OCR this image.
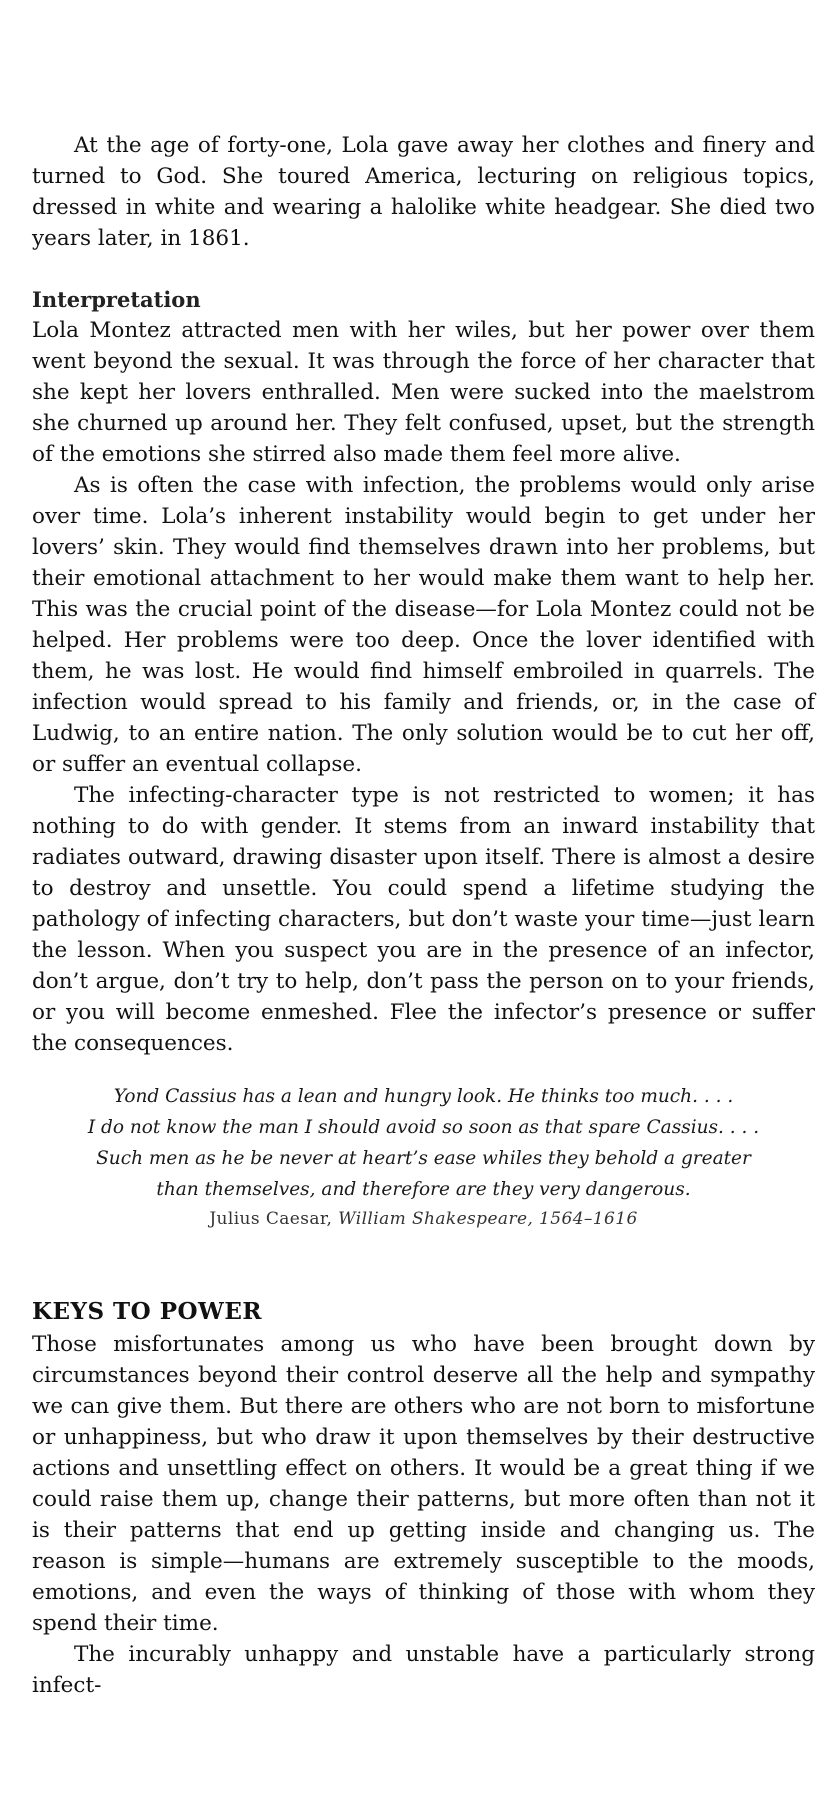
At the age of forty-one, Lola gave away her clothes and finery and turned to God. She toured America, lecturing on religious topics, dressed in white and wearing a halolike white headgear. She died two years later, in 1861.

Interpretation

Lola Montez attracted men with her wiles, but her power over them went beyond the sexual. It was through the force of her character that she kept her lovers enthralled. Men were sucked into the maelstrom she churned up around her. They felt confused, upset, but the strength of the emotions she stirred also made them feel more alive.

As is often the case with infection, the problems would only arise over time. Lola’s inherent instability would begin to get under her lovers’ skin. They would find themselves drawn into her problems, but their emotional attachment to her would make them want to help her. This was the crucial point of the disease—for Lola Montez could not be helped. Her problems were too deep. Once the lover identified with them, he was lost. He would find himself embroiled in quarrels. The infection would spread to his family and friends, or, in the case of Ludwig, to an entire nation. The only solution would be to cut her off, or suffer an eventual collapse.

The infecting-character type is not restricted to women; it has nothing to do with gender. It stems from an inward instability that radiates outward, drawing disaster upon itself. There is almost a desire to destroy and unsettle. You could spend a lifetime studying the pathology of infecting characters, but don’t waste your time—just learn the lesson. When you suspect you are in the presence of an infector, don’t argue, don’t try to help, don’t pass the person on to your friends, or you will become enmeshed. Flee the infector’s presence or suffer the consequences.

Yond Cassius has a lean and hungry look. He thinks too much. . . .

I do not know the man I should avoid so soon as that spare Cassius. . . .

Such men as he be never at heart’s ease whiles they behold a greater

than themselves, and therefore are they very dangerous.

Julius Caesar, William Shakespeare, 1564–1616
KEYS TO POWER

Those misfortunates among us who have been brought down by circumstances beyond their control deserve all the help and sympathy we can give them. But there are others who are not born to misfortune or unhappiness, but who draw it upon themselves by their destructive actions and unsettling effect on others. It would be a great thing if we could raise them up, change their patterns, but more often than not it is their patterns that end up getting inside and changing us. The reason is simple—humans are extremely susceptible to the moods, emotions, and even the ways of thinking of those with whom they spend their time.

The incurably unhappy and unstable have a particularly strong infect-
